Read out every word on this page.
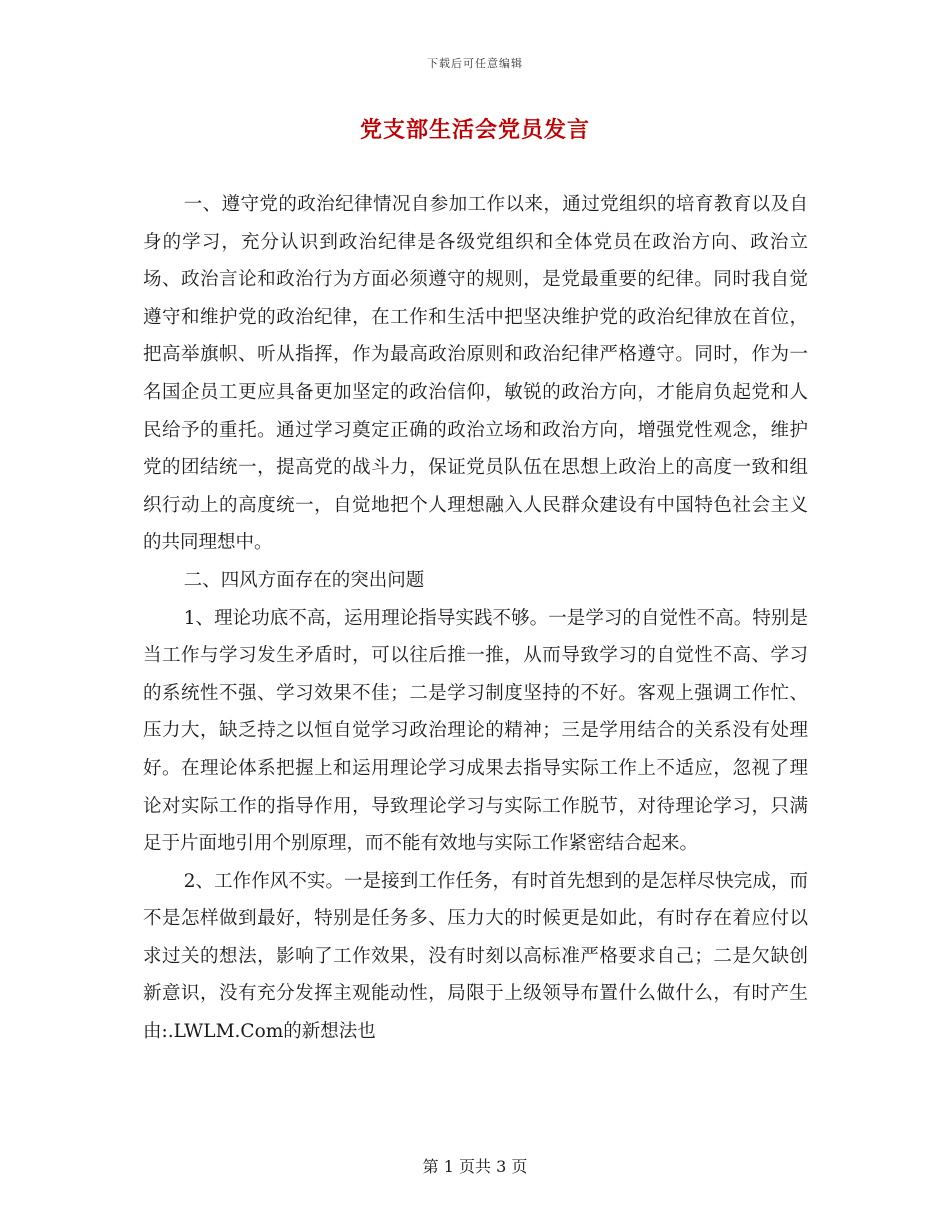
下载后可任意编辑
党支部生活会党员发言

一、遵守党的政治纪律情况自参加工作以来，通过党组织的培育教育以及自身的学习，充分认识到政治纪律是各级党组织和全体党员在政治方向、政治立场、政治言论和政治行为方面必须遵守的规则，是党最重要的纪律。同时我自觉遵守和维护党的政治纪律，在工作和生活中把坚决维护党的政治纪律放在首位，把高举旗帜、听从指挥，作为最高政治原则和政治纪律严格遵守。同时，作为一名国企员工更应具备更加坚定的政治信仰，敏锐的政治方向，才能肩负起党和人民给予的重托。通过学习奠定正确的政治立场和政治方向，增强党性观念，维护党的团结统一，提高党的战斗力，保证党员队伍在思想上政治上的高度一致和组织行动上的高度统一，自觉地把个人理想融入人民群众建设有中国特色社会主义的共同理想中。

二、四风方面存在的突出问题

1、理论功底不高，运用理论指导实践不够。一是学习的自觉性不高。特别是当工作与学习发生矛盾时，可以往后推一推，从而导致学习的自觉性不高、学习的系统性不强、学习效果不佳；二是学习制度坚持的不好。客观上强调工作忙、压力大，缺乏持之以恒自觉学习政治理论的精神；三是学用结合的关系没有处理好。在理论体系把握上和运用理论学习成果去指导实际工作上不适应，忽视了理论对实际工作的指导作用，导致理论学习与实际工作脱节，对待理论学习，只满足于片面地引用个别原理，而不能有效地与实际工作紧密结合起来。

2、工作作风不实。一是接到工作任务，有时首先想到的是怎样尽快完成，而不是怎样做到最好，特别是任务多、压力大的时候更是如此，有时存在着应付以求过关的想法，影响了工作效果，没有时刻以高标准严格要求自己；二是欠缺创新意识，没有充分发挥主观能动性，局限于上级领导布置什么做什么，有时产生由:.LWLM.Com的新想法也

第 1 页共 3 页
